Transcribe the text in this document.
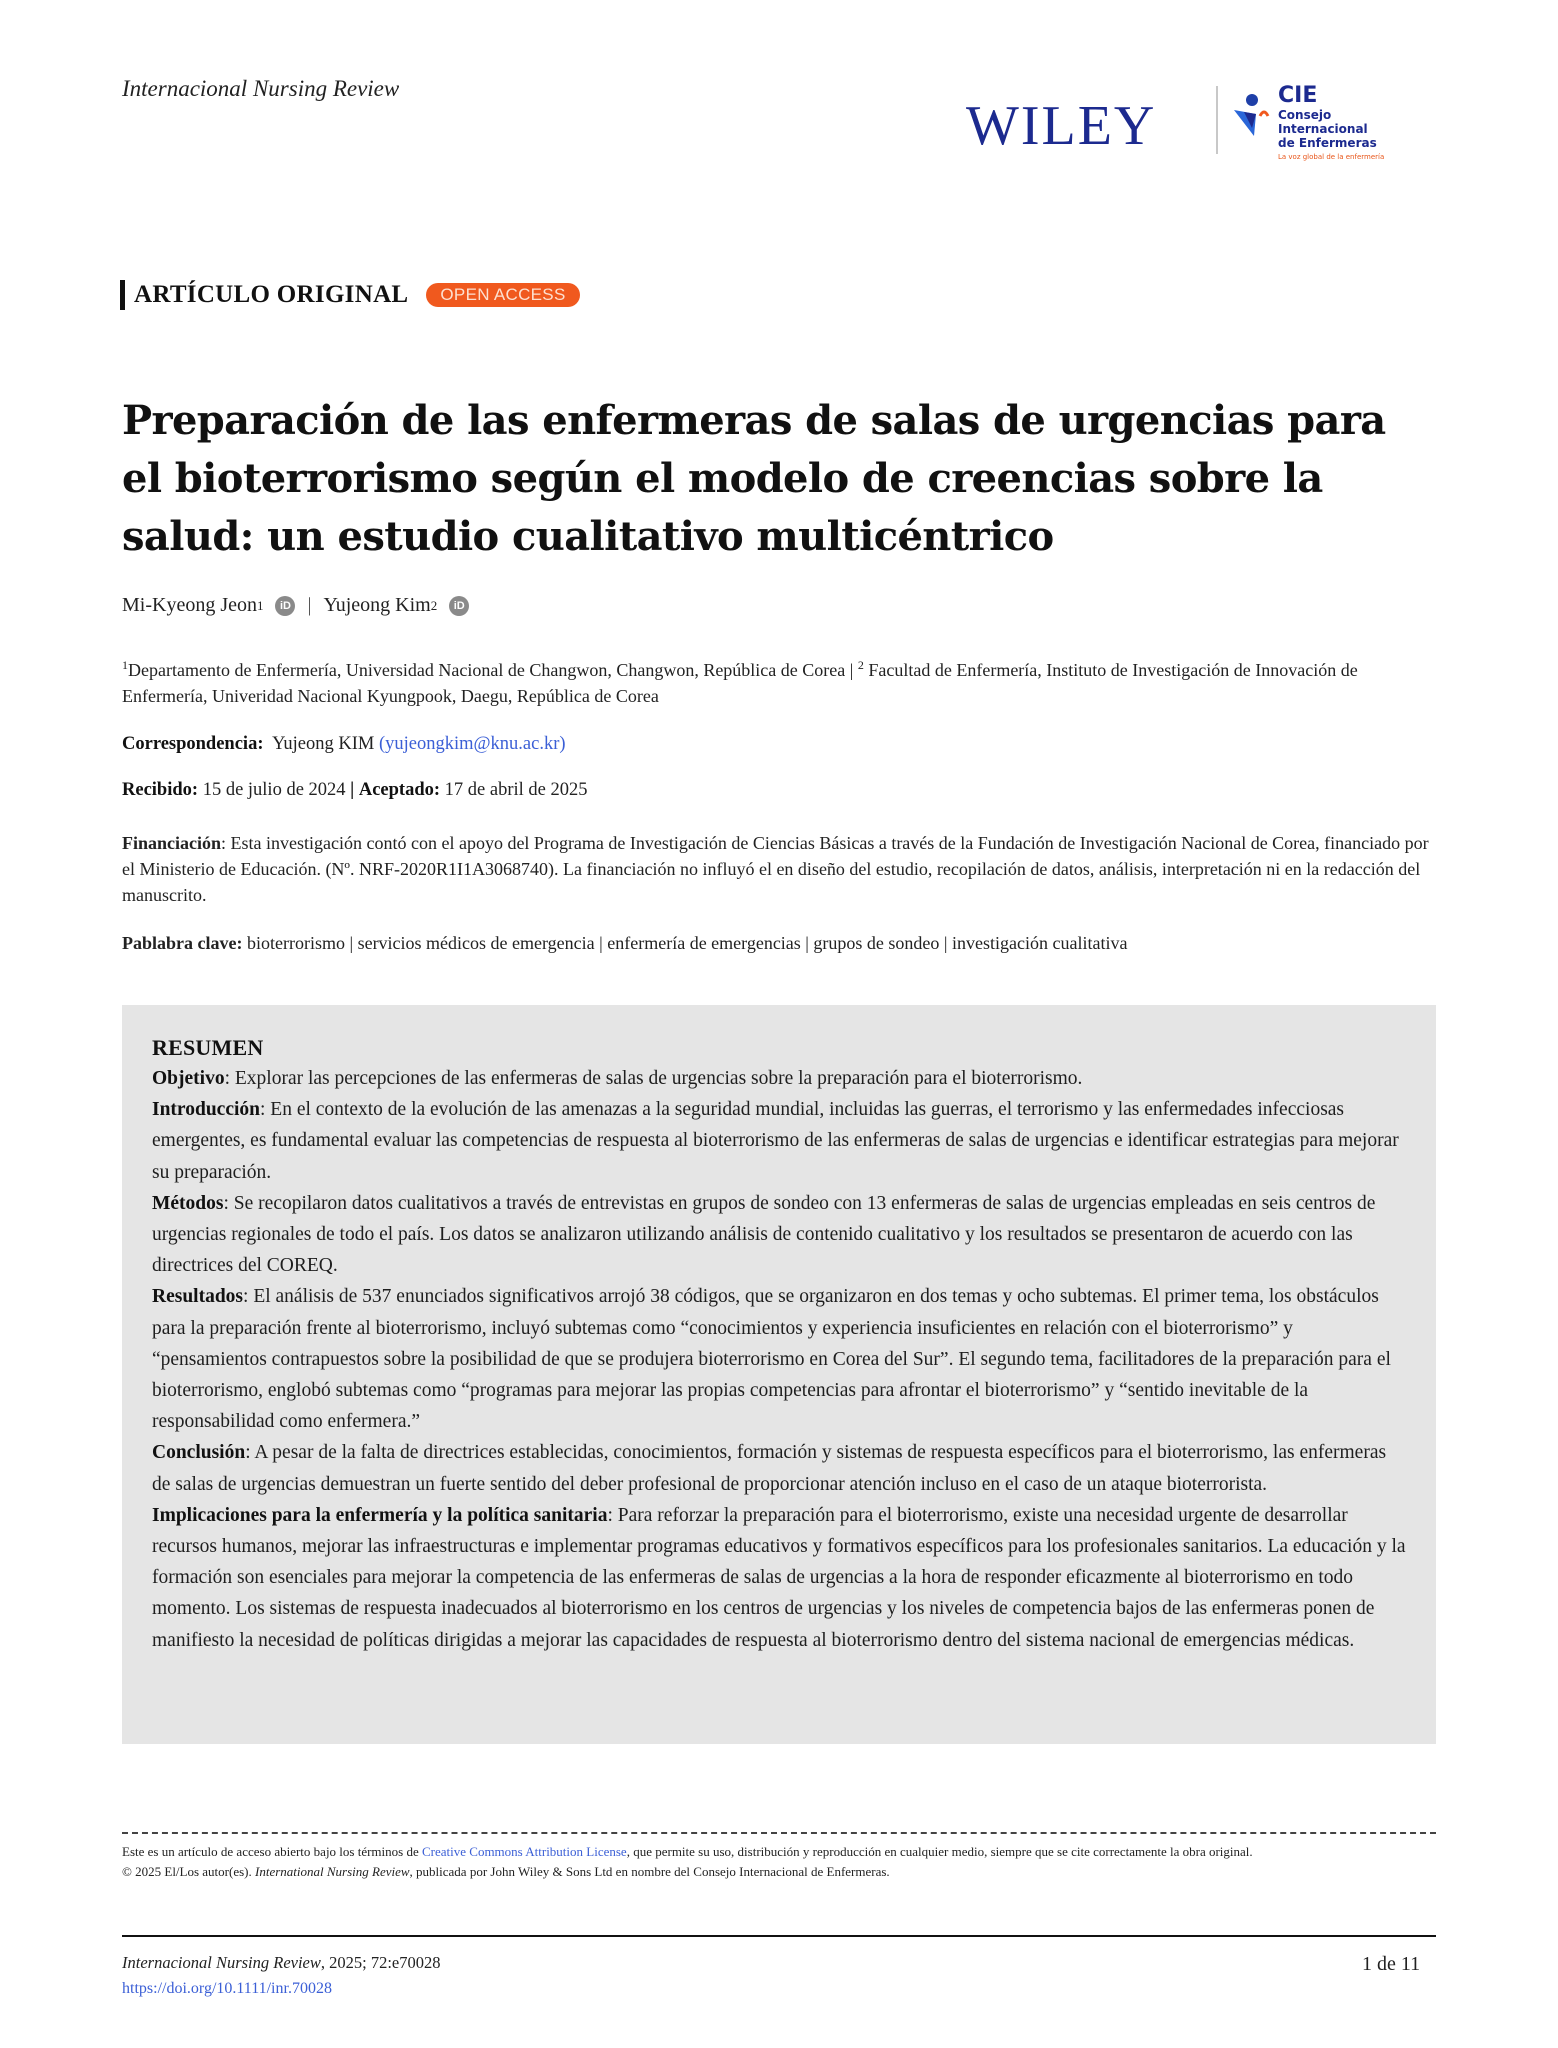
Internacional Nursing Review
WILEY	CIE
Consejo Internacional
de Enfermeras
La voz global de la enfermería
ARTÍCULO ORIGINAL	OPEN ACCESS
Preparación de las enfermeras de salas de urgencias para el bioterrorismo según el modelo de creencias sobre la salud: un estudio cualitativo multicéntrico
Mi-Kyeong Jeon 1	iD | Yujeong Kim 2	iD
$^1$Departamento de Enfermería, Universidad Nacional de Changwon, Changwon, República de Corea | $^2$ Facultad de Enfermería, Instituto de Investigación de Innovación de Enfermería, Univeridad Nacional Kyungpook, Daegu, República de Corea
Correspondencia: Yujeong KIM (yujeongkim@knu.ac.kr)
Recibido: 15 de julio de 2024 | Aceptado: 17 de abril de 2025
Financiación: Esta investigación contó con el apoyo del Programa de Investigación de Ciencias Básicas a través de la Fundación de Investigación Nacional de Corea, financiado por el Ministerio de Educación. (Nº. NRF-2020R1I1A3068740). La financiación no influyó el en diseño del estudio, recopilación de datos, análisis, interpretación ni en la redacción del manuscrito.
Pablabra clave: bioterrorismo | servicios médicos de emergencia | enfermería de emergencias | grupos de sondeo | investigación cualitativa
RESUMEN

Objetivo: Explorar las percepciones de las enfermeras de salas de urgencias sobre la preparación para el bioterrorismo.

Introducción: En el contexto de la evolución de las amenazas a la seguridad mundial, incluidas las guerras, el terrorismo y las enfermedades infecciosas emergentes, es fundamental evaluar las competencias de respuesta al bioterrorismo de las enfermeras de salas de urgencias e identificar estrategias para mejorar su preparación.

Métodos: Se recopilaron datos cualitativos a través de entrevistas en grupos de sondeo con 13 enfermeras de salas de urgencias empleadas en seis centros de urgencias regionales de todo el país. Los datos se analizaron utilizando análisis de contenido cualitativo y los resultados se presentaron de acuerdo con las directrices del COREQ.

Resultados: El análisis de 537 enunciados significativos arrojó 38 códigos, que se organizaron en dos temas y ocho subtemas. El primer tema, los obstáculos para la preparación frente al bioterrorismo, incluyó subtemas como “conocimientos y experiencia insuficientes en relación con el bioterrorismo” y “pensamientos contrapuestos sobre la posibilidad de que se produjera bioterrorismo en Corea del Sur”. El segundo tema, facilitadores de la preparación para el bioterrorismo, englobó subtemas como “programas para mejorar las propias competencias para afrontar el bioterrorismo” y “sentido inevitable de la responsabilidad como enfermera.”

Conclusión: A pesar de la falta de directrices establecidas, conocimientos, formación y sistemas de respuesta específicos para el bioterrorismo, las enfermeras de salas de urgencias demuestran un fuerte sentido del deber profesional de proporcionar atención incluso en el caso de un ataque bioterrorista.

Implicaciones para la enfermería y la política sanitaria: Para reforzar la preparación para el bioterrorismo, existe una necesidad urgente de desarrollar recursos humanos, mejorar las infraestructuras e implementar programas educativos y formativos específicos para los profesionales sanitarios. La educación y la formación son esenciales para mejorar la competencia de las enfermeras de salas de urgencias a la hora de responder eficazmente al bioterrorismo en todo momento. Los sistemas de respuesta inadecuados al bioterrorismo en los centros de urgencias y los niveles de competencia bajos de las enfermeras ponen de manifiesto la necesidad de políticas dirigidas a mejorar las capacidades de respuesta al bioterrorismo dentro del sistema nacional de emergencias médicas.

Este es un artículo de acceso abierto bajo los términos de Creative Commons Attribution License, que permite su uso, distribución y reproducción en cualquier medio, siempre que se cite correctamente la obra original.
© 2025 El/Los autor(es). International Nursing Review, publicada por John Wiley & Sons Ltd en nombre del Consejo Internacional de Enfermeras.
Internacional Nursing Review, 2025; 72:e70028
https://doi.org/10.1111/inr.70028
1 de 11
